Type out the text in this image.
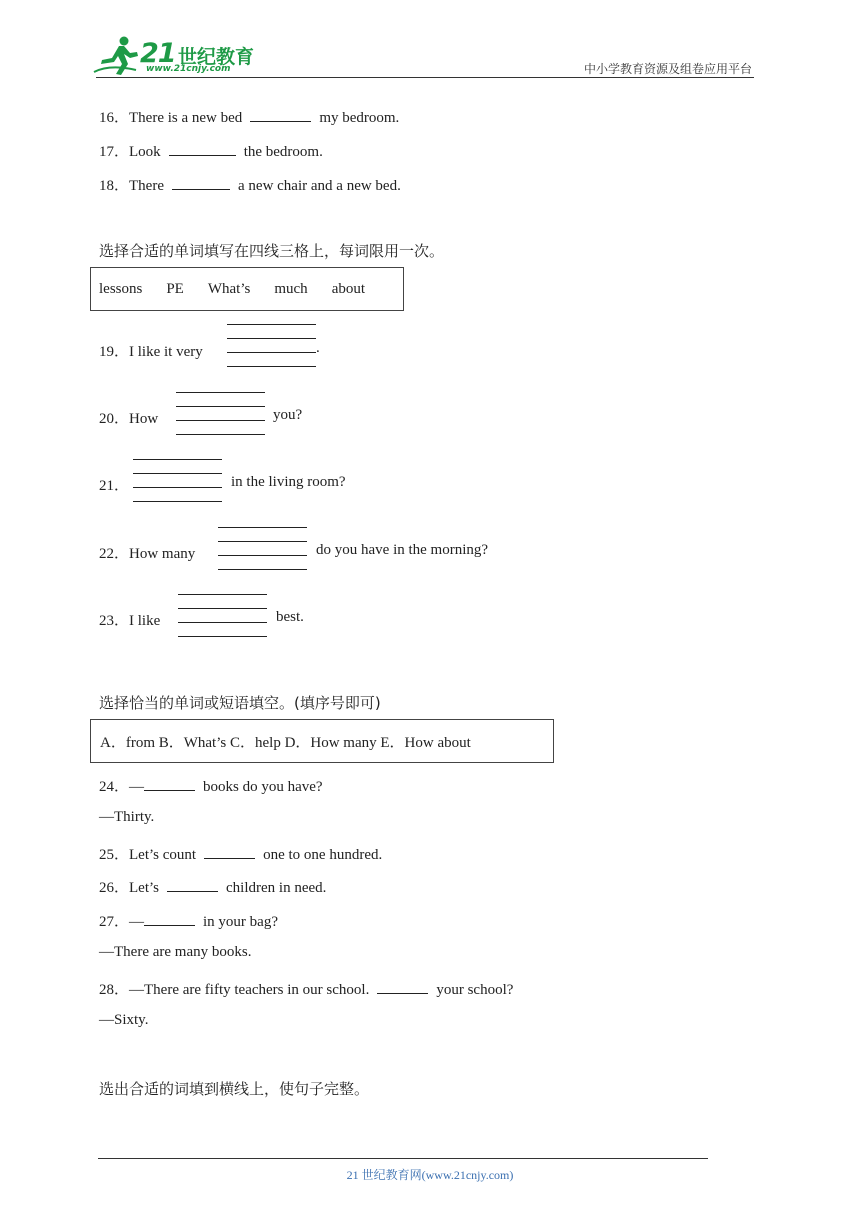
21 世纪教育
www.21cnjy.com	中小学教育资源及组卷应用平台
16．There is a new bed	my bedroom.
17．Look	the bedroom.
18．There	a new chair and a new bed.
选择合适的单词填写在四线三格上，每词限用一次。
lessons PE What’s much about
19．I like it very	.
20．How	you?
21．	in the living room?
22．How many	do you have in the morning?
23．I like	best.
选择恰当的单词或短语填空。(填序号即可)
A．from B．What’s C．help D．How many E．How about
24．—	books do you have?
—Thirty.
25．Let’s count	one to one hundred.
26．Let’s	children in need.
27．—	in your bag?
—There are many books.
28．—There are fifty teachers in our school.	your school?
—Sixty.
选出合适的词填到横线上，使句子完整。
21 世纪教育网(www.21cnjy.com)
